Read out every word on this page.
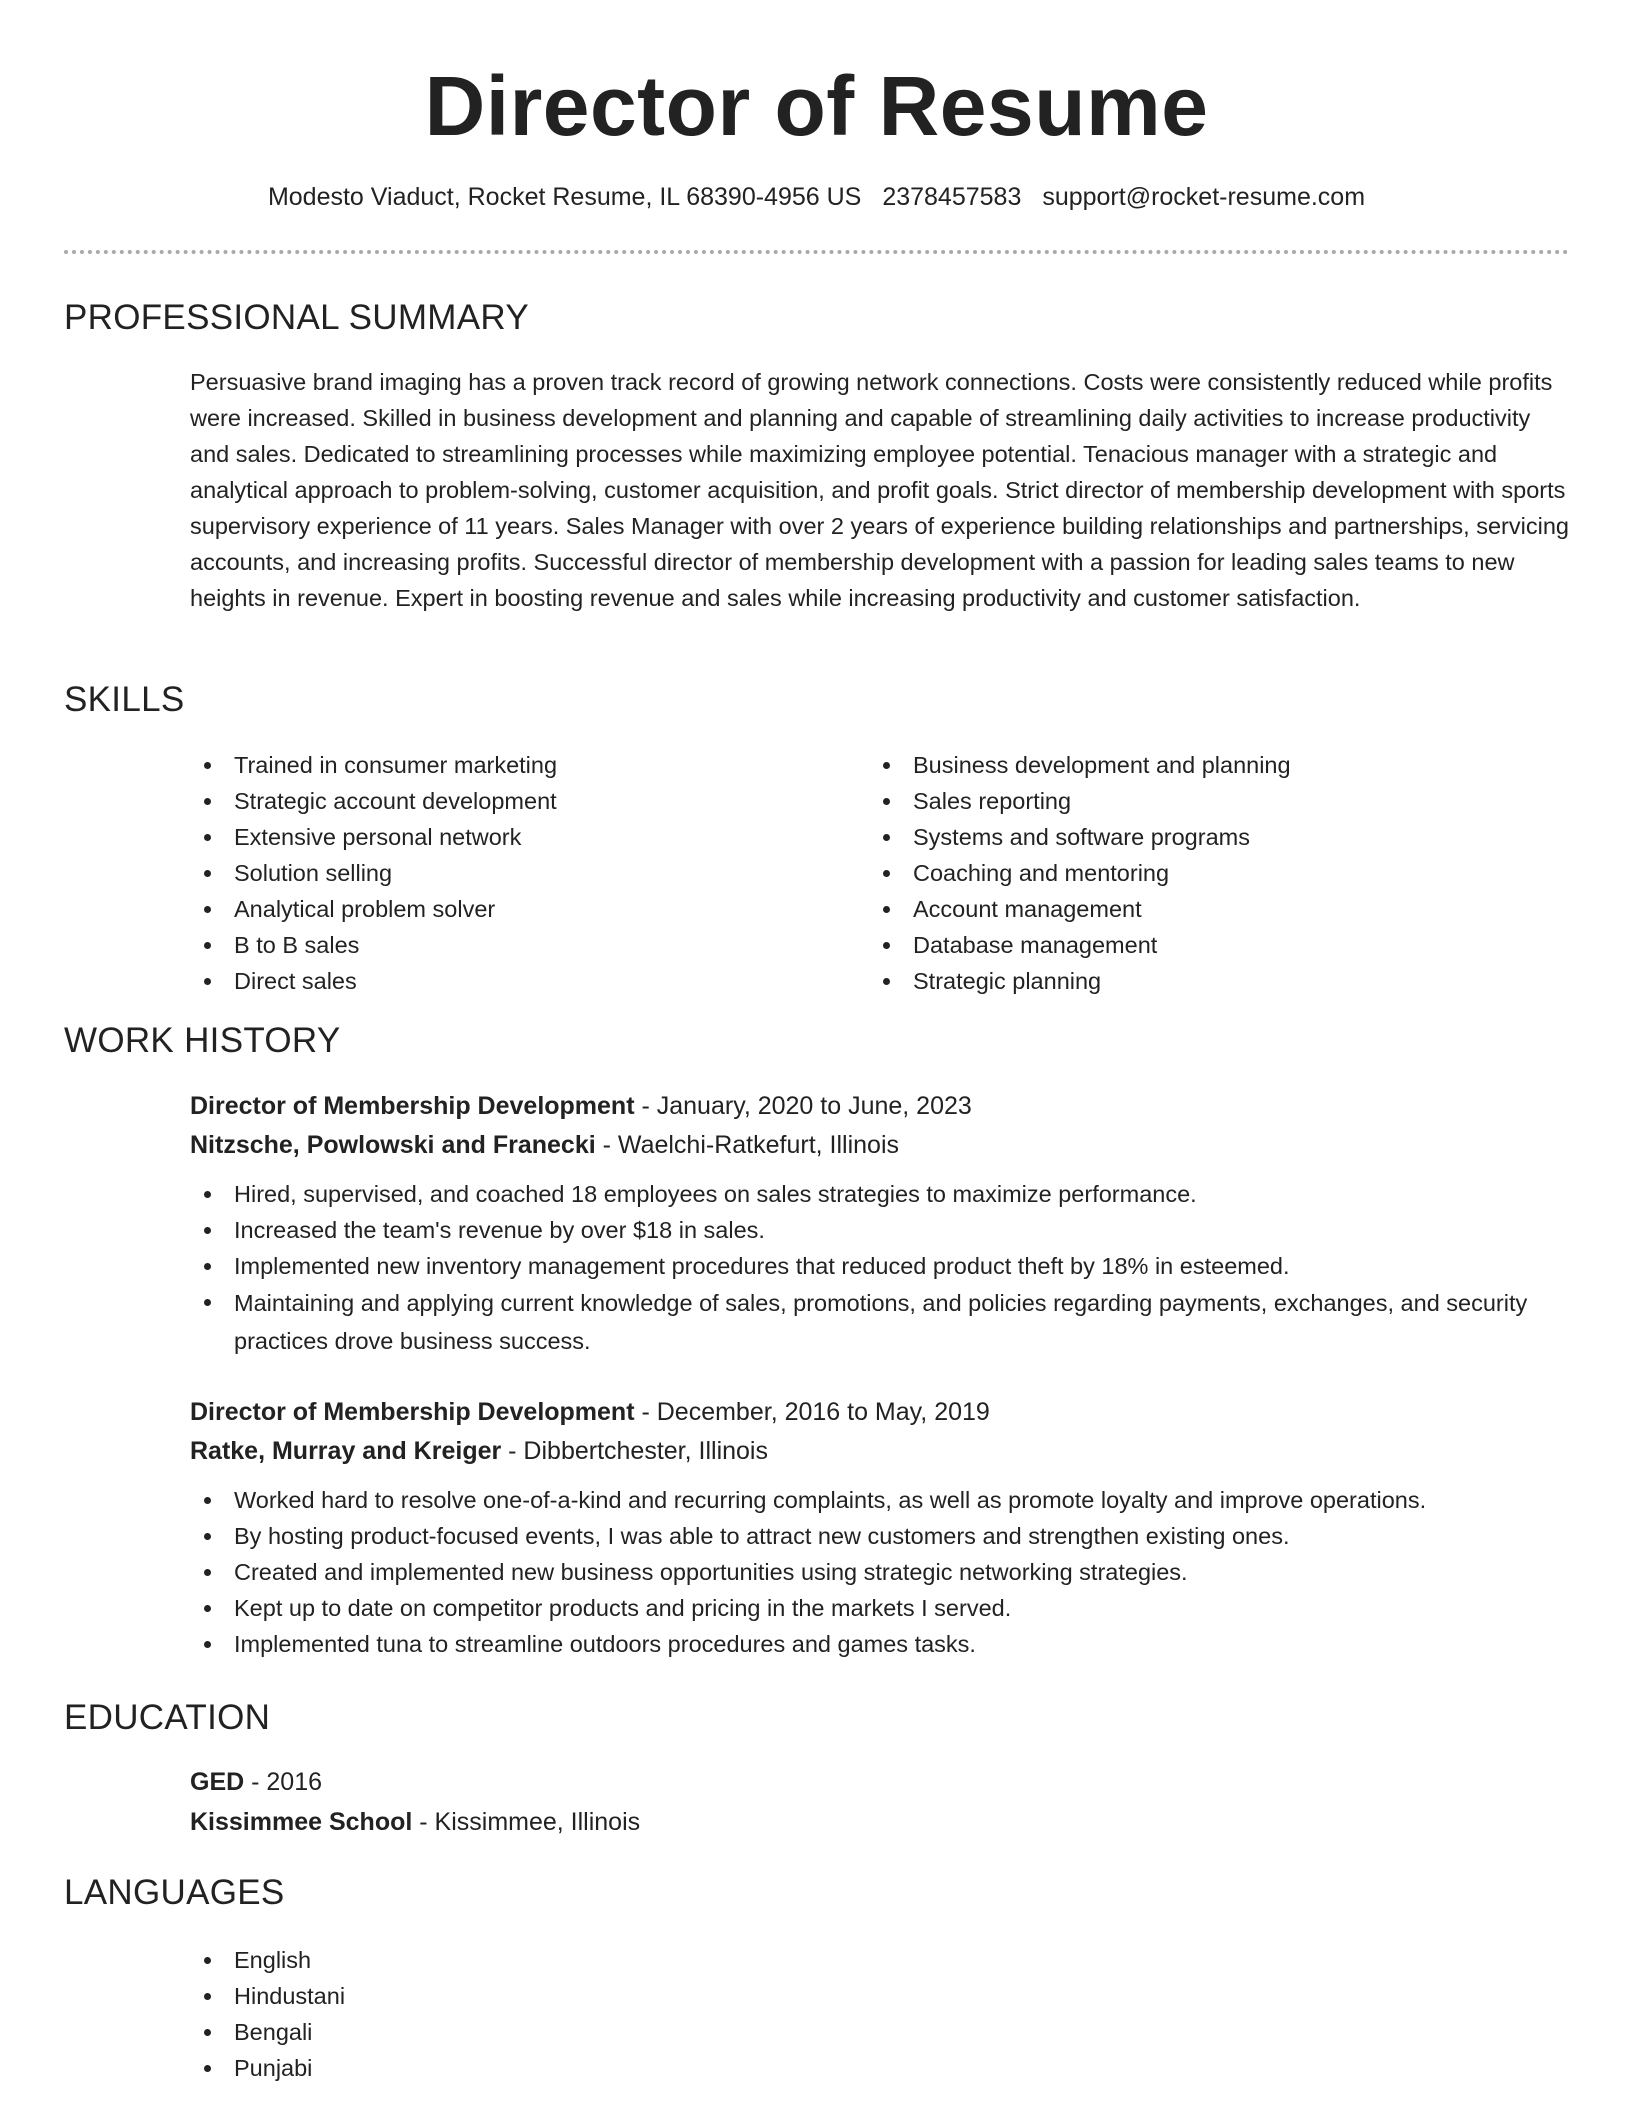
Director of Resume
Modesto Viaduct, Rocket Resume, IL 68390-4956 US 2378457583 support@rocket-resume.com
PROFESSIONAL SUMMARY
Persuasive brand imaging has a proven track record of growing network connections. Costs were consistently reduced while profits were increased. Skilled in business development and planning and capable of streamlining daily activities to increase productivity and sales. Dedicated to streamlining processes while maximizing employee potential. Tenacious manager with a strategic and analytical approach to problem-solving, customer acquisition, and profit goals. Strict director of membership development with sports supervisory experience of 11 years. Sales Manager with over 2 years of experience building relationships and partnerships, servicing accounts, and increasing profits. Successful director of membership development with a passion for leading sales teams to new heights in revenue. Expert in boosting revenue and sales while increasing productivity and customer satisfaction.
SKILLS
Trained in consumer marketing
Strategic account development
Extensive personal network
Solution selling
Analytical problem solver
B to B sales
Direct sales
Business development and planning
Sales reporting
Systems and software programs
Coaching and mentoring
Account management
Database management
Strategic planning
WORK HISTORY
Director of Membership Development - January, 2020 to June, 2023
Nitzsche, Powlowski and Franecki - Waelchi-Ratkefurt, Illinois
Hired, supervised, and coached 18 employees on sales strategies to maximize performance.
Increased the team's revenue by over $18 in sales.
Implemented new inventory management procedures that reduced product theft by 18% in esteemed.
Maintaining and applying current knowledge of sales, promotions, and policies regarding payments, exchanges, and security practices drove business success.
Director of Membership Development - December, 2016 to May, 2019
Ratke, Murray and Kreiger - Dibbertchester, Illinois
Worked hard to resolve one-of-a-kind and recurring complaints, as well as promote loyalty and improve operations.
By hosting product-focused events, I was able to attract new customers and strengthen existing ones.
Created and implemented new business opportunities using strategic networking strategies.
Kept up to date on competitor products and pricing in the markets I served.
Implemented tuna to streamline outdoors procedures and games tasks.
EDUCATION
GED - 2016
Kissimmee School - Kissimmee, Illinois
LANGUAGES
English
Hindustani
Bengali
Punjabi
